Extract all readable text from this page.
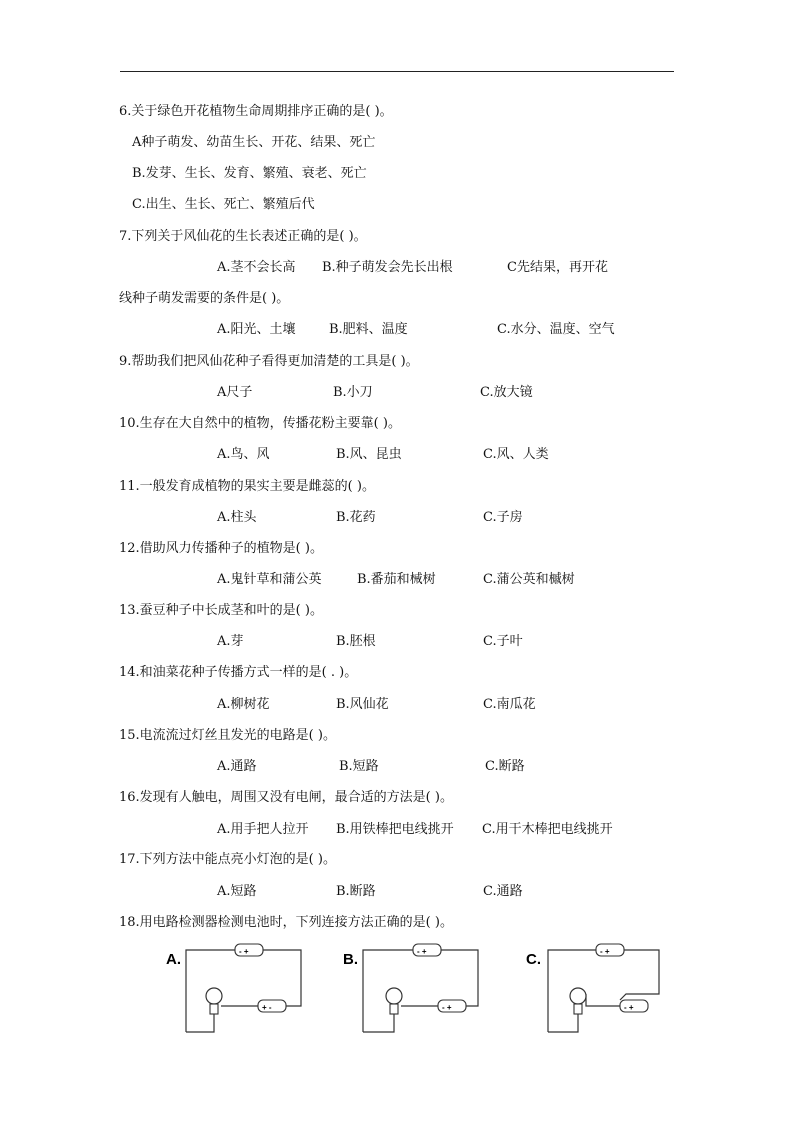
6.关于绿色开花植物生命周期排序正确的是( )。
A种子萌发、幼苗生长、开花、结果、死亡
B.发芽、生长、发育、繁殖、衰老、死亡
C.出生、生长、死亡、繁殖后代
7.下列关于风仙花的生长表述正确的是( )。
A.茎不会长高 B.种子萌发会先长出根	C先结果，再开花
线种子萌发需要的条件是( )。
A.阳光、土壤	B.肥料、温度	C.水分、温度、空气
9.帮助我们把风仙花种子看得更加清楚的工具是( )。
A尺子	B.小刀	C.放大镜
10.生存在大自然中的植物，传播花粉主要靠( )。
A.鸟、风	B.风、昆虫	C.风、人类
11.一般发育成植物的果实主要是雌蕊的( )。
A.柱头	B.花药	C.子房
12.借助风力传播种子的植物是( )。
A.鬼针草和蒲公英	B.番茄和械树	C.蒲公英和槭树
13.蚕豆种子中长成茎和叶的是( )。
A.芽	B.胚根	C.子叶
14.和油菜花种子传播方式一样的是( . )。
A.柳树花	B.风仙花	C.南瓜花
15.电流流过灯丝且发光的电路是( )。
A.通路	B.短路	C.断路
16.发现有人触电，周围又没有电闸，最合适的方法是( )。
A.用手把人拉开 B.用铁棒把电线挑开 C.用干木棒把电线挑开
17.下列方法中能点亮小灯泡的是( )。
A.短路	B.断路	C.通路
18.用电路检测器检测电池时，下列连接方法正确的是( )。
A.	- +
+ -
B.	- +
- +
C.	- +
- +
